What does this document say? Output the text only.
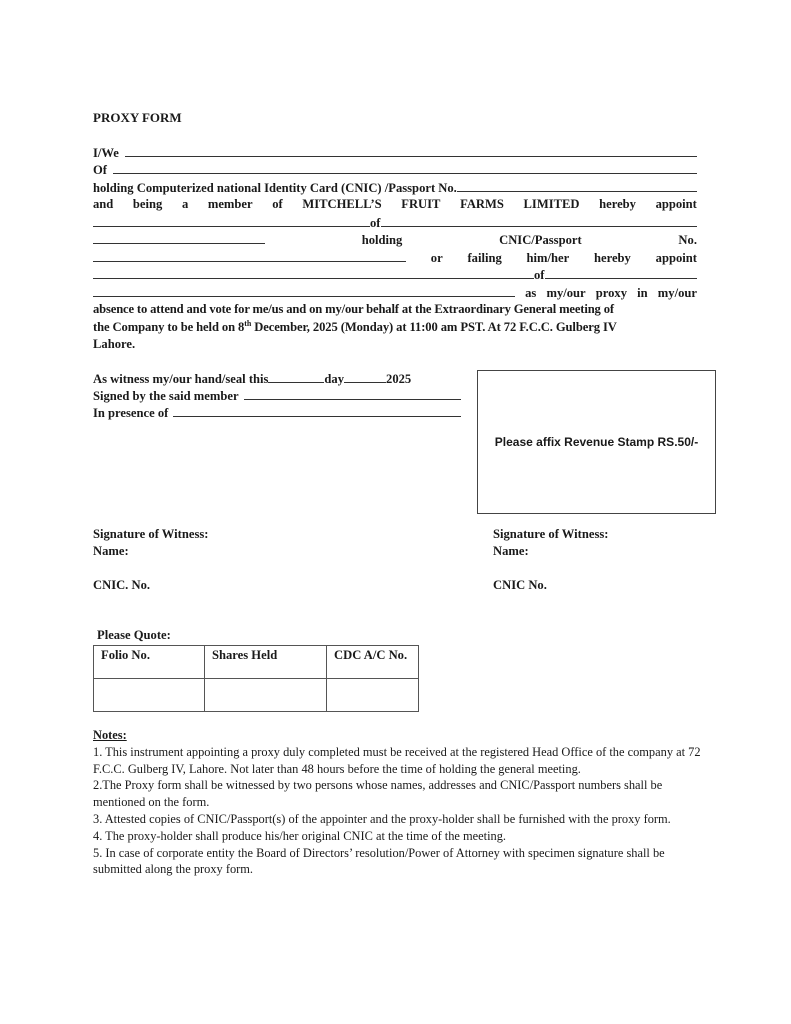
PROXY FORM
I/We
Of
holding Computerized national Identity Card (CNIC) /Passport No.
and being a member of MITCHELL’S FRUIT FARMS LIMITED hereby appoint
of
holding	CNIC/Passport	No.
or failing him/her hereby appoint
of
as my/our proxy in my/our
absence to attend and vote for me/us and on my/our behalf at the Extraordinary General meeting of
the Company to be held on 8th December, 2025 (Monday) at 11:00 am PST. At 72 F.C.C. Gulberg IV
Lahore.
As witness my/our hand/seal this	day	2025
Signed by the said member
In presence of
Please affix Revenue Stamp RS.50/-
Signature of Witness:
Name:
CNIC. No.
Signature of Witness:
Name:
CNIC No.
Please Quote:
Folio No.	Shares Held	CDC A/C No.

Notes:
1. This instrument appointing a proxy duly completed must be received at the registered Head Office of the company at 72 F.C.C. Gulberg IV, Lahore. Not later than 48 hours before the time of holding the general meeting.
2.The Proxy form shall be witnessed by two persons whose names, addresses and CNIC/Passport numbers shall be mentioned on the form.
3. Attested copies of CNIC/Passport(s) of the appointer and the proxy-holder shall be furnished with the proxy form.
4. The proxy-holder shall produce his/her original CNIC at the time of the meeting.
5. In case of corporate entity the Board of Directors’ resolution/Power of Attorney with specimen signature shall be submitted along the proxy form.
